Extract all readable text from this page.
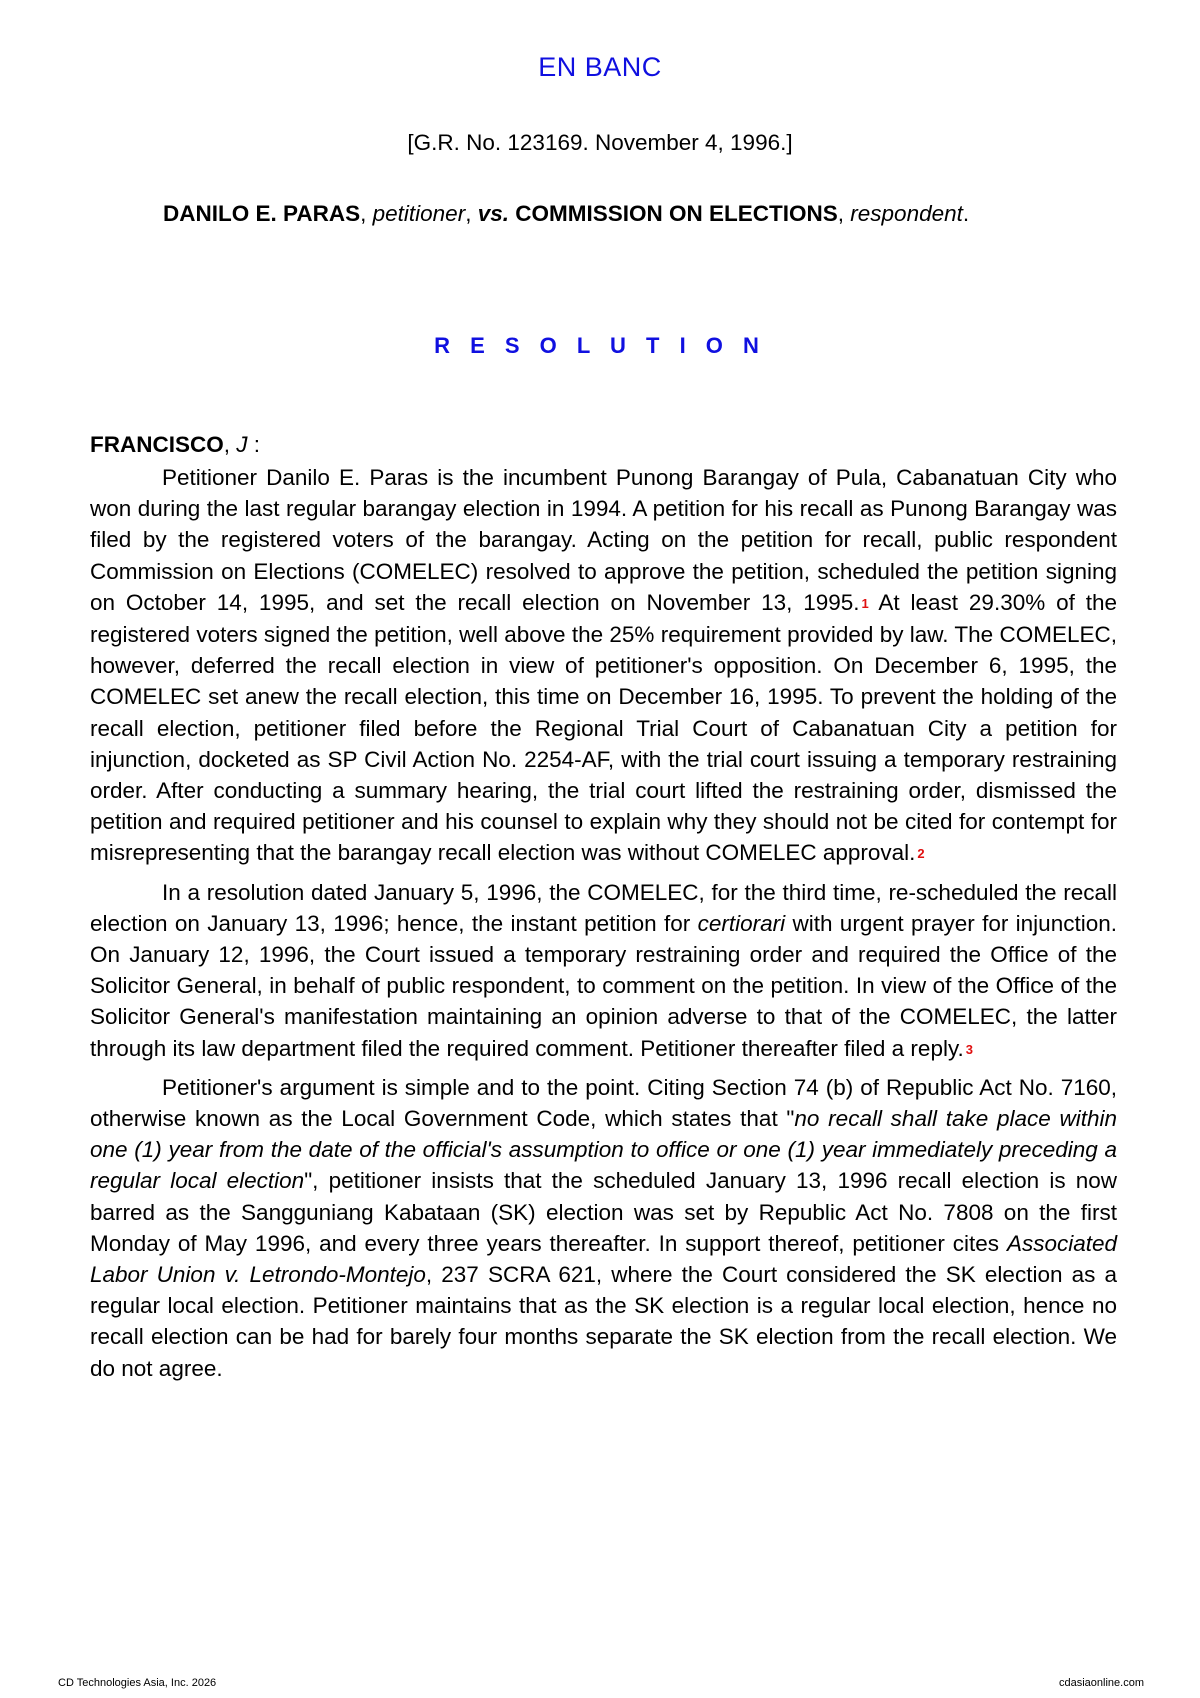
EN BANC
[G.R. No. 123169. November 4, 1996.]
DANILO E. PARAS, petitioner, vs. COMMISSION ON ELECTIONS, respondent.
R E S O L U T I O N
FRANCISCO, J :

Petitioner Danilo E. Paras is the incumbent Punong Barangay of Pula, Cabanatuan City who won during the last regular barangay election in 1994. A petition for his recall as Punong Barangay was filed by the registered voters of the barangay. Acting on the petition for recall, public respondent Commission on Elections (COMELEC) resolved to approve the petition, scheduled the petition signing on October 14, 1995, and set the recall election on November 13, 1995. $^1$ At least 29.30% of the registered voters signed the petition, well above the 25% requirement provided by law. The COMELEC, however, deferred the recall election in view of petitioner's opposition. On December 6, 1995, the COMELEC set anew the recall election, this time on December 16, 1995. To prevent the holding of the recall election, petitioner filed before the Regional Trial Court of Cabanatuan City a petition for injunction, docketed as SP Civil Action No. 2254-AF, with the trial court issuing a temporary restraining order. After conducting a summary hearing, the trial court lifted the restraining order, dismissed the petition and required petitioner and his counsel to explain why they should not be cited for contempt for misrepresenting that the barangay recall election was without COMELEC approval. $^2$

In a resolution dated January 5, 1996, the COMELEC, for the third time, re-scheduled the recall election on January 13, 1996; hence, the instant petition for certiorari with urgent prayer for injunction. On January 12, 1996, the Court issued a temporary restraining order and required the Office of the Solicitor General, in behalf of public respondent, to comment on the petition. In view of the Office of the Solicitor General's manifestation maintaining an opinion adverse to that of the COMELEC, the latter through its law department filed the required comment. Petitioner thereafter filed a reply. $^3$

Petitioner's argument is simple and to the point. Citing Section 74 (b) of Republic Act No. 7160, otherwise known as the Local Government Code, which states that "no recall shall take place within one (1) year from the date of the official's assumption to office or one (1) year immediately preceding a regular local election", petitioner insists that the scheduled January 13, 1996 recall election is now barred as the Sangguniang Kabataan (SK) election was set by Republic Act No. 7808 on the first Monday of May 1996, and every three years thereafter. In support thereof, petitioner cites Associated Labor Union v. Letrondo-Montejo, 237 SCRA 621, where the Court considered the SK election as a regular local election. Petitioner maintains that as the SK election is a regular local election, hence no recall election can be had for barely four months separate the SK election from the recall election. We do not agree.

CD Technologies Asia, Inc. 2026	cdasiaonline.com
